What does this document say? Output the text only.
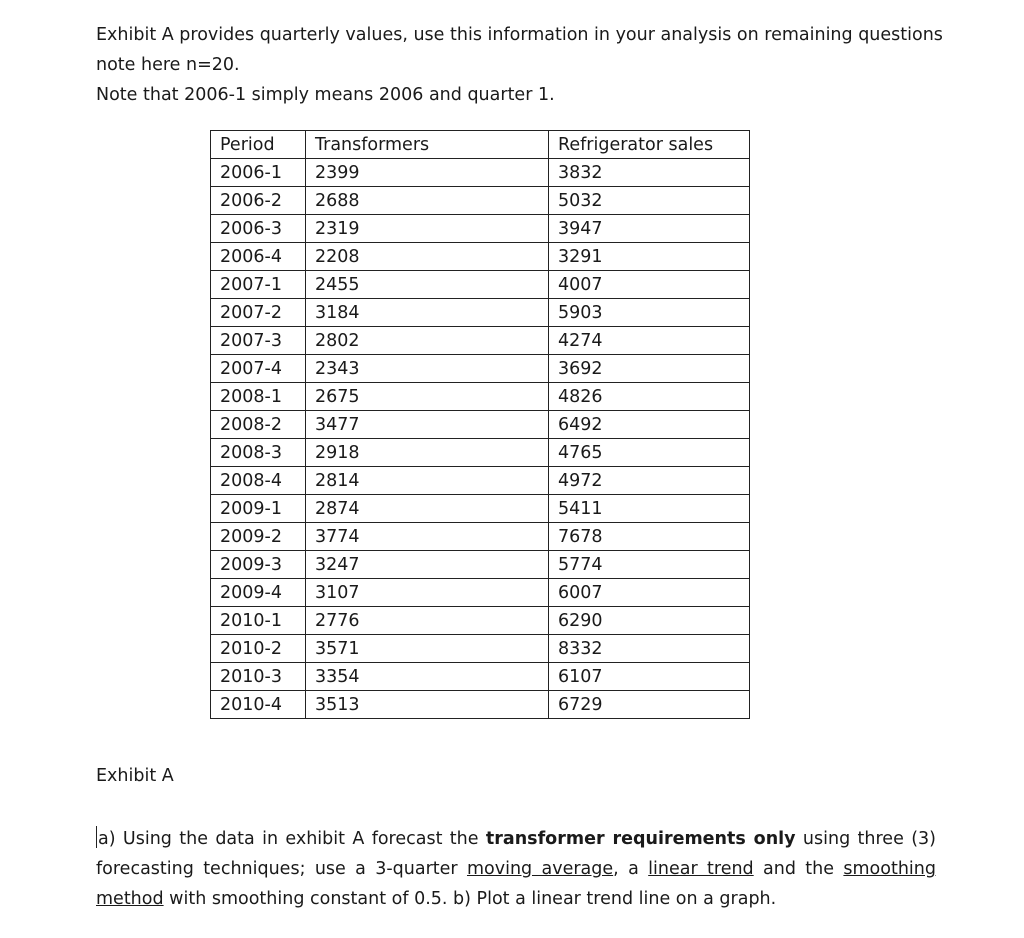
Exhibit A provides quarterly values, use this information in your analysis on remaining questions note here n=20.

Note that 2006-1 simply means 2006 and quarter 1.

Period	Transformers	Refrigerator sales
2006-1	2399	3832
2006-2	2688	5032
2006-3	2319	3947
2006-4	2208	3291
2007-1	2455	4007
2007-2	3184	5903
2007-3	2802	4274
2007-4	2343	3692
2008-1	2675	4826
2008-2	3477	6492
2008-3	2918	4765
2008-4	2814	4972
2009-1	2874	5411
2009-2	3774	7678
2009-3	3247	5774
2009-4	3107	6007
2010-1	2776	6290
2010-2	3571	8332
2010-3	3354	6107
2010-4	3513	6729
Exhibit A

a) Using the data in exhibit A forecast the transformer requirements only using three (3) forecasting techniques; use a 3-quarter moving average, a linear trend and the smoothing method with smoothing constant of 0.5. b) Plot a linear trend line on a graph.
